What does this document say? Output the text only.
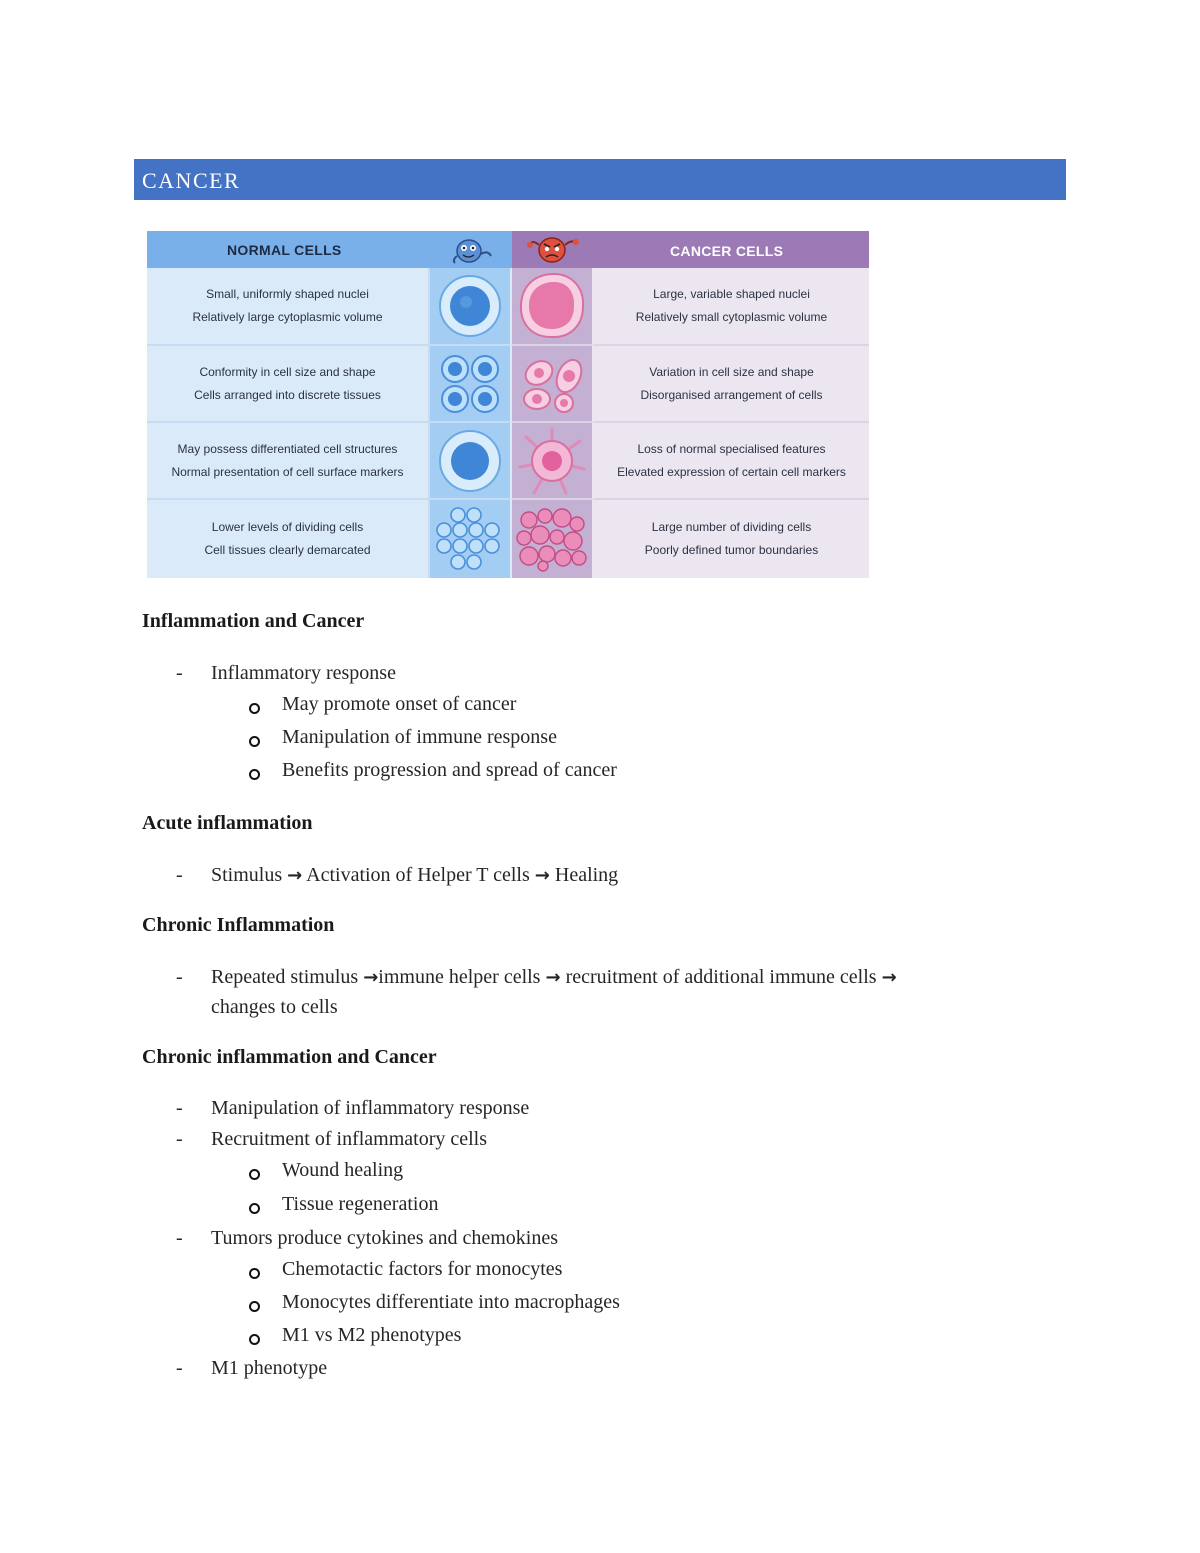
CANCER
NORMAL CELLS	CANCER CELLS
Small, uniformly shaped nuclei
Relatively large cytoplasmic volume
Large, variable shaped nuclei
Relatively small cytoplasmic volume
Conformity in cell size and shape
Cells arranged into discrete tissues
Variation in cell size and shape
Disorganised arrangement of cells
May possess differentiated cell structures
Normal presentation of cell surface markers
Loss of normal specialised features
Elevated expression of certain cell markers
Lower levels of dividing cells
Cell tissues clearly demarcated
Large number of dividing cells
Poorly defined tumor boundaries
Inflammation and Cancer
- Inflammatory response
May promote onset of cancer
Manipulation of immune response
Benefits progression and spread of cancer
Acute inflammation
- Stimulus → Activation of Helper T cells → Healing
Chronic Inflammation
- Repeated stimulus →immune helper cells → recruitment of additional immune cells →
changes to cells
Chronic inflammation and Cancer
- Manipulation of inflammatory response
- Recruitment of inflammatory cells
Wound healing
Tissue regeneration
- Tumors produce cytokines and chemokines
Chemotactic factors for monocytes
Monocytes differentiate into macrophages
M1 vs M2 phenotypes
- M1 phenotype
